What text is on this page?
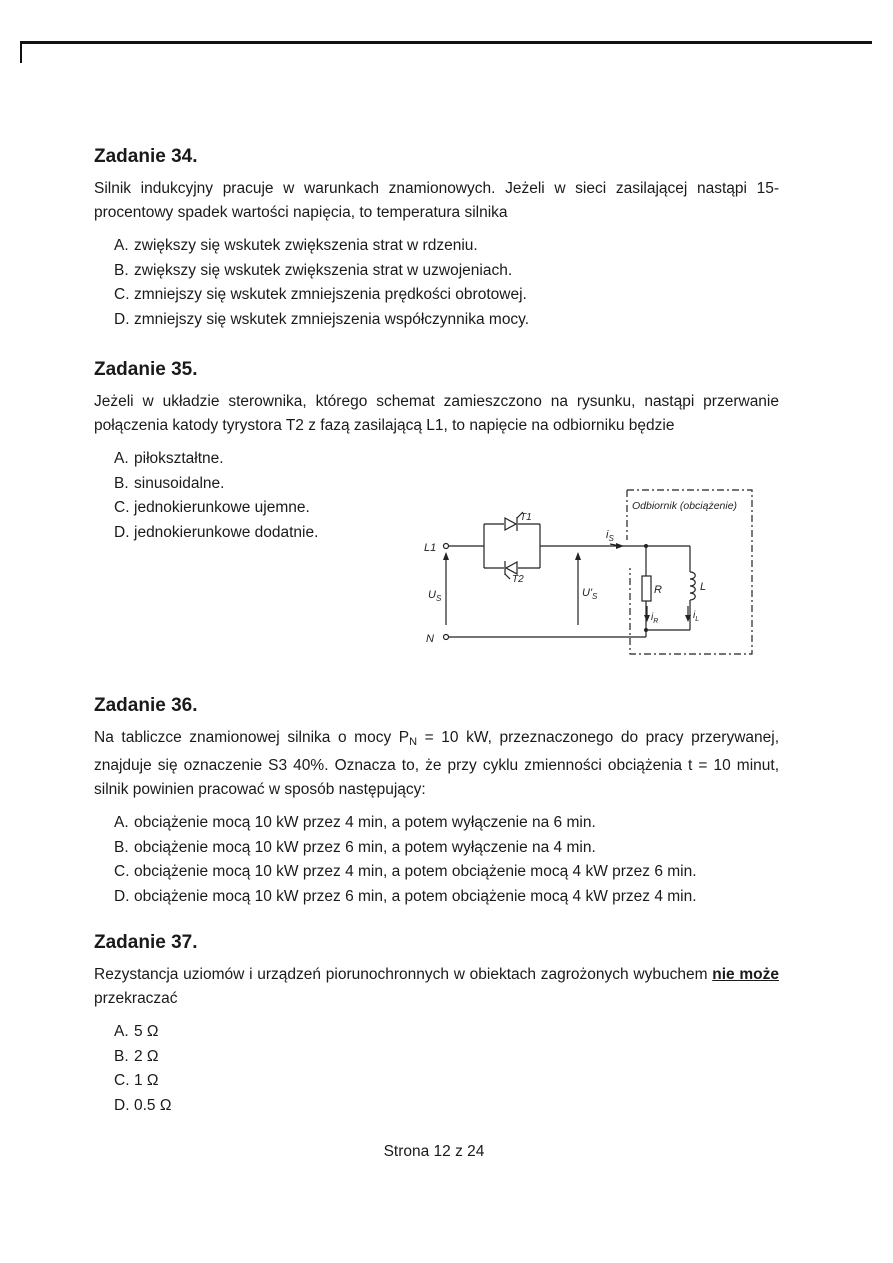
Zadanie 34.

Silnik indukcyjny pracuje w warunkach znamionowych. Jeżeli w sieci zasilającej nastąpi 15-procentowy spadek wartości napięcia, to temperatura silnika

A. zwiększy się wskutek zwiększenia strat w rdzeniu.
B. zwiększy się wskutek zwiększenia strat w uzwojeniach.
C. zmniejszy się wskutek zmniejszenia prędkości obrotowej.
D. zmniejszy się wskutek zmniejszenia współczynnika mocy.
Zadanie 35.

Jeżeli w układzie sterownika, którego schemat zamieszczono na rysunku, nastąpi przerwanie połączenia katody tyrystora T2 z fazą zasilającą L1, to napięcie na odbiorniku będzie

A. piłokształtne.
B. sinusoidalne.
C. jednokierunkowe ujemne.
D. jednokierunkowe dodatnie.
Odbiornik (obciążenie)
T1
T2
L1
N
$U_S$	$U'_S$
$i_S$
R	L
$i_R$
$i_L$
Zadanie 36.

Na tabliczce znamionowej silnika o mocy $P_N = 10$ kW, przeznaczonego do pracy przerywanej, znajduje się oznaczenie S3 40%. Oznacza to, że przy cyklu zmienności obciążenia t = 10 minut, silnik powinien pracować w sposób następujący:

A. obciążenie mocą 10 kW przez 4 min, a potem wyłączenie na 6 min.
B. obciążenie mocą 10 kW przez 6 min, a potem wyłączenie na 4 min.
C. obciążenie mocą 10 kW przez 4 min, a potem obciążenie mocą 4 kW przez 6 min.
D. obciążenie mocą 10 kW przez 6 min, a potem obciążenie mocą 4 kW przez 4 min.
Zadanie 37.

Rezystancja uziomów i urządzeń piorunochronnych w obiektach zagrożonych wybuchem nie może przekraczać

A. 5 Ω
B. 2 Ω
C. 1 Ω
D. 0.5 Ω
Strona 12 z 24
